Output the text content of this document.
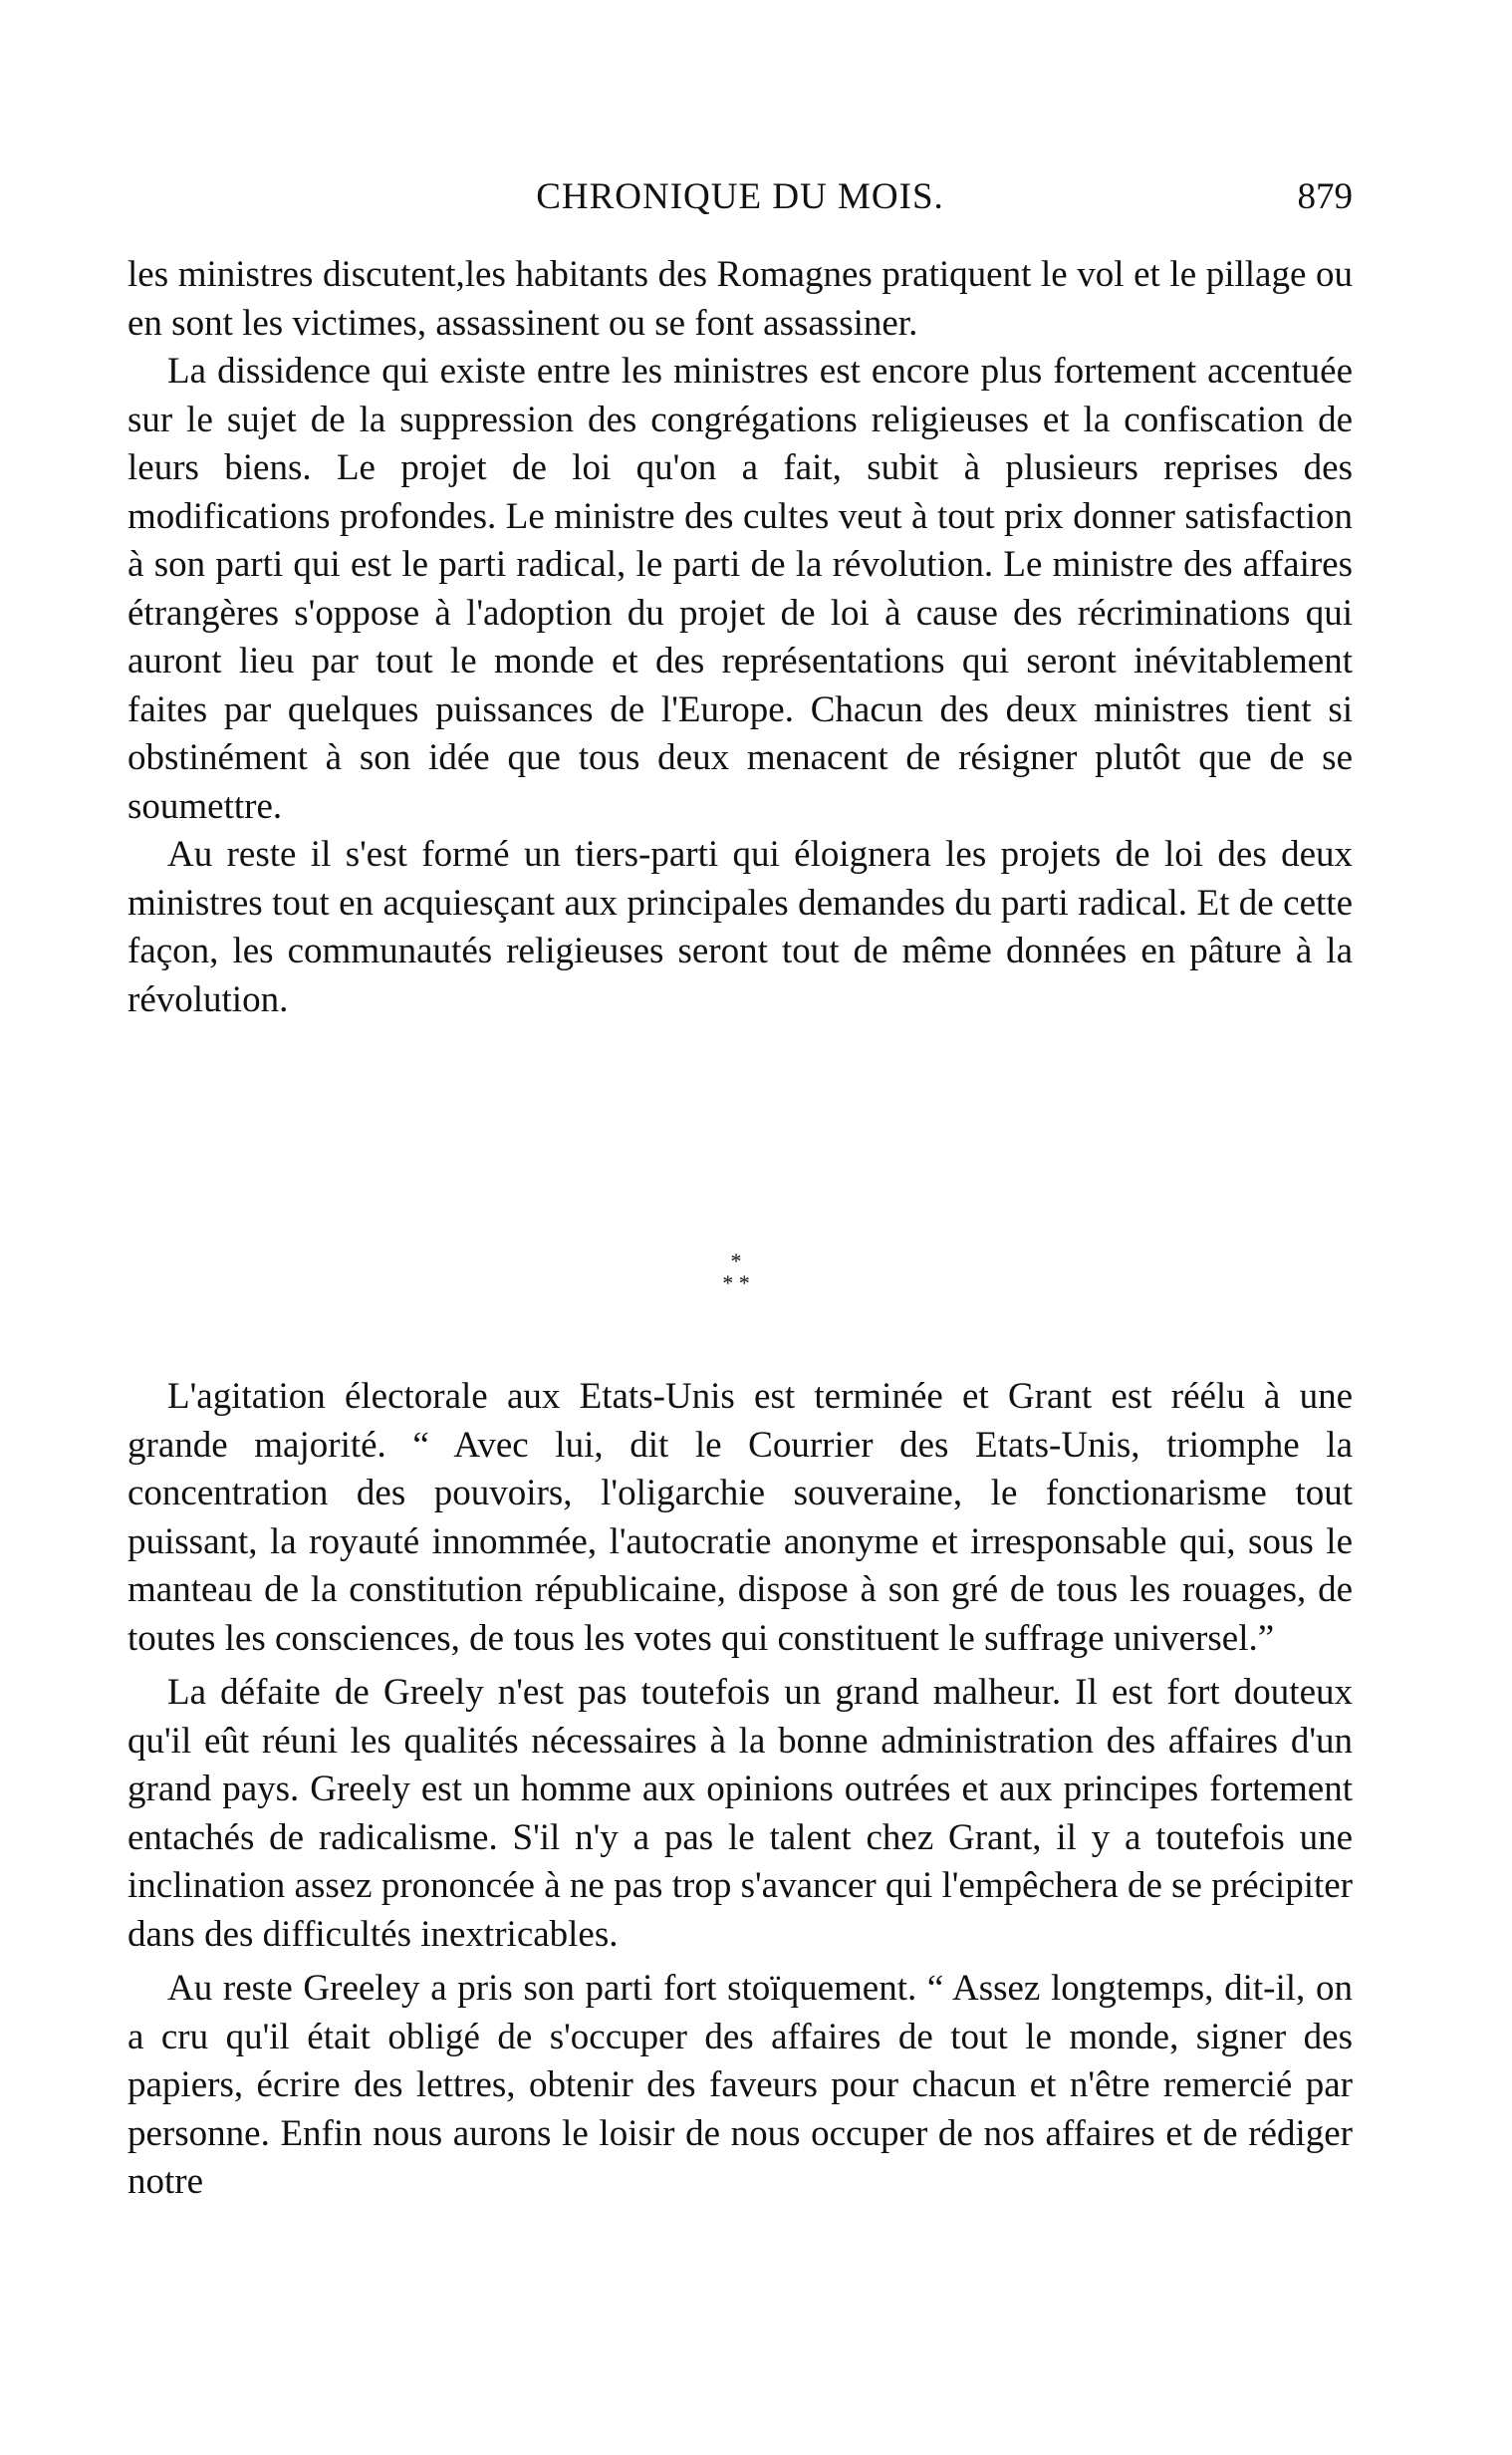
CHRONIQUE DU MOIS.	879

les ministres discutent,les habitants des Romagnes pratiquent le vol et le pillage ou en sont les victimes, assassinent ou se font assassiner.

La dissidence qui existe entre les ministres est encore plus fortement accentuée sur le sujet de la suppression des congrégations religieuses et la confiscation de leurs biens. Le projet de loi qu'on a fait, subit à plusieurs reprises des modifications profondes. Le ministre des cultes veut à tout prix donner satisfaction à son parti qui est le parti radical, le parti de la révolution. Le ministre des affaires étrangères s'oppose à l'adoption du projet de loi à cause des récriminations qui auront lieu par tout le monde et des représentations qui seront inévitablement faites par quelques puissances de l'Europe. Chacun des deux ministres tient si obstinément à son idée que tous deux menacent de résigner plutôt que de se soumettre.

Au reste il s'est formé un tiers-parti qui éloignera les projets de loi des deux ministres tout en acquiesçant aux principales demandes du parti radical. Et de cette façon, les communautés religieuses seront tout de même données en pâture à la révolution.

*
* *

L'agitation électorale aux Etats-Unis est terminée et Grant est réélu à une grande majorité. “ Avec lui, dit le Courrier des Etats-Unis, triomphe la concentration des pouvoirs, l'oligarchie souveraine, le fonctionarisme tout puissant, la royauté innommée, l'autocratie anonyme et irresponsable qui, sous le manteau de la constitution républicaine, dispose à son gré de tous les rouages, de toutes les consciences, de tous les votes qui constituent le suffrage universel.”

La défaite de Greely n'est pas toutefois un grand malheur. Il est fort douteux qu'il eût réuni les qualités nécessaires à la bonne administration des affaires d'un grand pays. Greely est un homme aux opinions outrées et aux principes fortement entachés de radicalisme. S'il n'y a pas le talent chez Grant, il y a toutefois une inclination assez prononcée à ne pas trop s'avancer qui l'empêchera de se précipiter dans des difficultés inextricables.

Au reste Greeley a pris son parti fort stoïquement. “ Assez longtemps, dit-il, on a cru qu'il était obligé de s'occuper des affaires de tout le monde, signer des papiers, écrire des lettres, obtenir des faveurs pour chacun et n'être remercié par personne. Enfin nous aurons le loisir de nous occuper de nos affaires et de rédiger notre
